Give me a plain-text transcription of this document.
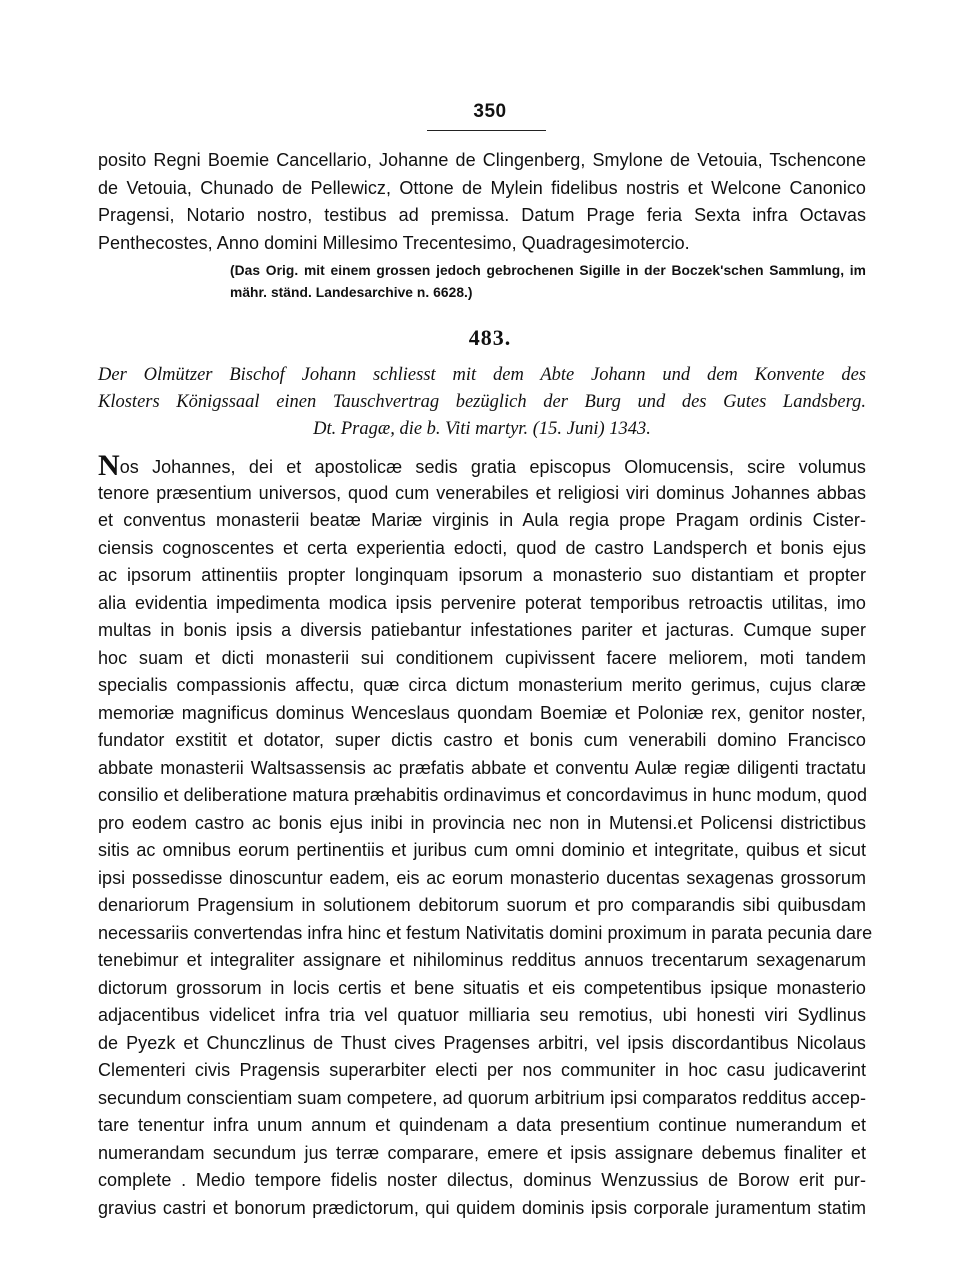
350
posito Regni Boemie Cancellario, Johanne de Clingenberg, Smylone de Vetouia, Tschencone
de Vetouia, Chunado de Pellewicz, Ottone de Mylein fidelibus nostris et Welcone Canonico
Pragensi, Notario nostro, testibus ad premissa. Datum Prage feria Sexta infra Octavas
Penthecostes, Anno domini Millesimo Trecentesimo, Quadragesimotercio.
(Das Orig. mit einem grossen jedoch gebrochenen Sigille in der Boczek'schen Sammlung, im
mähr. ständ. Landesarchive n. 6628.)
483.
Der Olmützer Bischof Johann schliesst mit dem Abte Johann und dem Konvente des
Klosters Königssaal einen Tauschvertrag bezüglich der Burg und des Gutes Landsberg.
Dt. Pragæ, die b. Viti martyr. (15. Juni) 1343.
Nos Johannes, dei et apostolicæ sedis gratia episcopus Olomucensis, scire volumus
tenore præsentium universos, quod cum venerabiles et religiosi viri dominus Johannes abbas
et conventus monasterii beatæ Mariæ virginis in Aula regia prope Pragam ordinis Cister-
ciensis cognoscentes et certa experientia edocti, quod de castro Landsperch et bonis ejus
ac ipsorum attinentiis propter longinquam ipsorum a monasterio suo distantiam et propter
alia evidentia impedimenta modica ipsis pervenire poterat temporibus retroactis utilitas, imo
multas in bonis ipsis a diversis patiebantur infestationes pariter et jacturas. Cumque super
hoc suam et dicti monasterii sui conditionem cupivissent facere meliorem, moti tandem
specialis compassionis affectu, quæ circa dictum monasterium merito gerimus, cujus claræ
memoriæ magnificus dominus Wenceslaus quondam Boemiæ et Poloniæ rex, genitor noster,
fundator exstitit et dotator, super dictis castro et bonis cum venerabili domino Francisco
abbate monasterii Waltsassensis ac præfatis abbate et conventu Aulæ regiæ diligenti tractatu
consilio et deliberatione matura præhabitis ordinavimus et concordavimus in hunc modum, quod
pro eodem castro ac bonis ejus inibi in provincia nec non in Mutensi.et Policensi districtibus
sitis ac omnibus eorum pertinentiis et juribus cum omni dominio et integritate, quibus et sicut
ipsi possedisse dinoscuntur eadem, eis ac eorum monasterio ducentas sexagenas grossorum
denariorum Pragensium in solutionem debitorum suorum et pro comparandis sibi quibusdam
necessariis convertendas infra hinc et festum Nativitatis domini proximum in parata pecunia dare
tenebimur et integraliter assignare et nihilominus redditus annuos trecentarum sexagenarum
dictorum grossorum in locis certis et bene situatis et eis competentibus ipsique monasterio
adjacentibus videlicet infra tria vel quatuor milliaria seu remotius, ubi honesti viri Sydlinus
de Pyezk et Chunczlinus de Thust cives Pragenses arbitri, vel ipsis discordantibus Nicolaus
Clementeri civis Pragensis superarbiter electi per nos communiter in hoc casu judicaverint
secundum conscientiam suam competere, ad quorum arbitrium ipsi comparatos redditus accep-
tare tenentur infra unum annum et quindenam a data presentium continue numerandum et
numerandam secundum jus terræ comparare, emere et ipsis assignare debemus finaliter et
complete . Medio tempore fidelis noster dilectus, dominus Wenzussius de Borow erit pur-
gravius castri et bonorum prædictorum, qui quidem dominis ipsis corporale juramentum statim
